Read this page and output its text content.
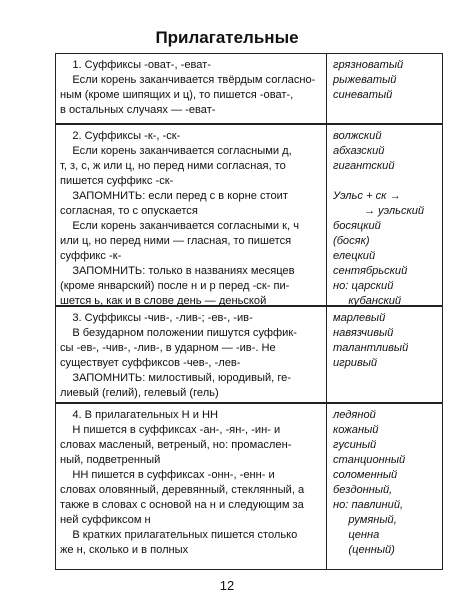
Прилагательные
1. Суффиксы -оват-, -еват-
Если корень заканчивается твёрдым согласно-
ным (кроме шипящих и ц), то пишется -оват-,
в остальных случаях — -еват-
грязноватый
рыжеватый
синеватый
2. Суффиксы -к-, -ск-
Если корень заканчивается согласными д,
т, з, с, ж или ц, но перед ними согласная, то
пишется суффикс -ск-
ЗАПОМНИТЬ: если перед с в корне стоит
согласная, то с опускается
Если корень заканчивается согласными к, ч
или ц, но перед ними — гласная, то пишется
суффикс -к-
ЗАПОМНИТЬ: только в названиях месяцев
(кроме январский) после н и р перед -ск- пи-
шется ь, как и в слове день — деньской
волжский
абхазский
гигантский
Уэльс + ск →
→ уэльский
босяцкий
(босяк)
елецкий
сентябрьский
но: царский
кубанский
3. Суффиксы -чив-, -лив-; -ев-, -ив-
В безударном положении пишутся суффик-
сы -ев-, -чив-, -лив-, в ударном — -ив-. Не
существует суффиксов -чев-, -лев-
ЗАПОМНИТЬ: милостивый, юродивый, ге-
лиевый (гелий), гелевый (гель)
марлевый
навязчивый
талантливый
игривый
4. В прилагательных Н и НН
Н пишется в суффиксах -ан-, -ян-, -ин- и
словах масленый, ветреный, но: промаслен-
ный, подветренный
НН пишется в суффиксах -онн-, -енн- и
словах оловянный, деревянный, стеклянный, а
также в словах с основой на н и следующим за
ней суффиксом н
В кратких прилагательных пишется столько
же н, сколько и в полных
ледяной
кожаный
гусиный
станционный
соломенный
бездонный,
но: павлиний,
румяный,
ценна
(ценный)
12
